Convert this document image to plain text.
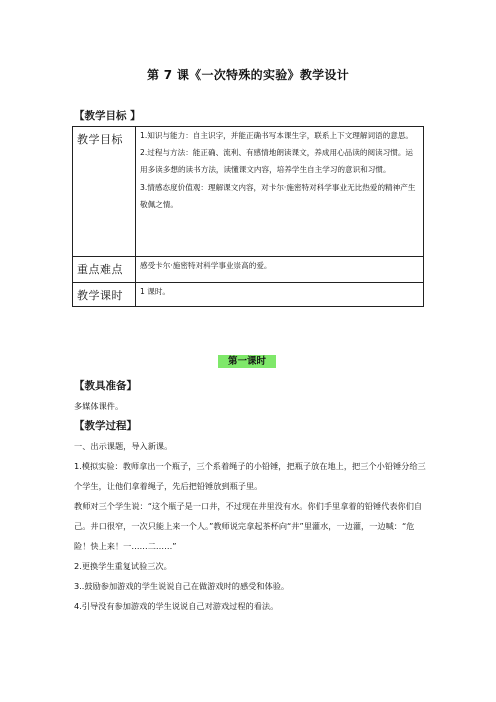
第 7 课《一次特殊的实验》教学设计
【教学目标 】
教学目标	1.知识与能力：自主识字，并能正确书写本课生字，联系上下文理解词语的意思。

2.过程与方法：能正确、流利、有感情地朗读课文，养成用心品读的阅读习惯。运用多读多想的读书方法，读懂课文内容，培养学生自主学习的意识和习惯。

3.情感态度价值观：理解课文内容，对卡尔·施密特对科学事业无比热爱的精神产生敬佩之情。

重点难点	感受卡尔·施密特对科学事业崇高的爱。

教学课时	1 课时。

第一课时
【教具准备】
多媒体课件。
【教学过程】

一、出示课题，导入新课。

1.模拟实验：教师拿出一个瓶子，三个系着绳子的小铅锤，把瓶子放在地上，把三个小铅锤分给三个学生，让他们拿着绳子，先后把铅锤放到瓶子里。

教师对三个学生说：“这个瓶子是一口井，不过现在井里没有水。你们手里拿着的铅锤代表你们自己。井口很窄，一次只能上来一个人。”教师说完拿起茶杯向“井”里灌水，一边灌，一边喊：“危险！快上来！一……二……”

2.更换学生重复试验三次。

3..鼓励参加游戏的学生说说自己在做游戏时的感受和体验。

4.引导没有参加游戏的学生说说自己对游戏过程的看法。
